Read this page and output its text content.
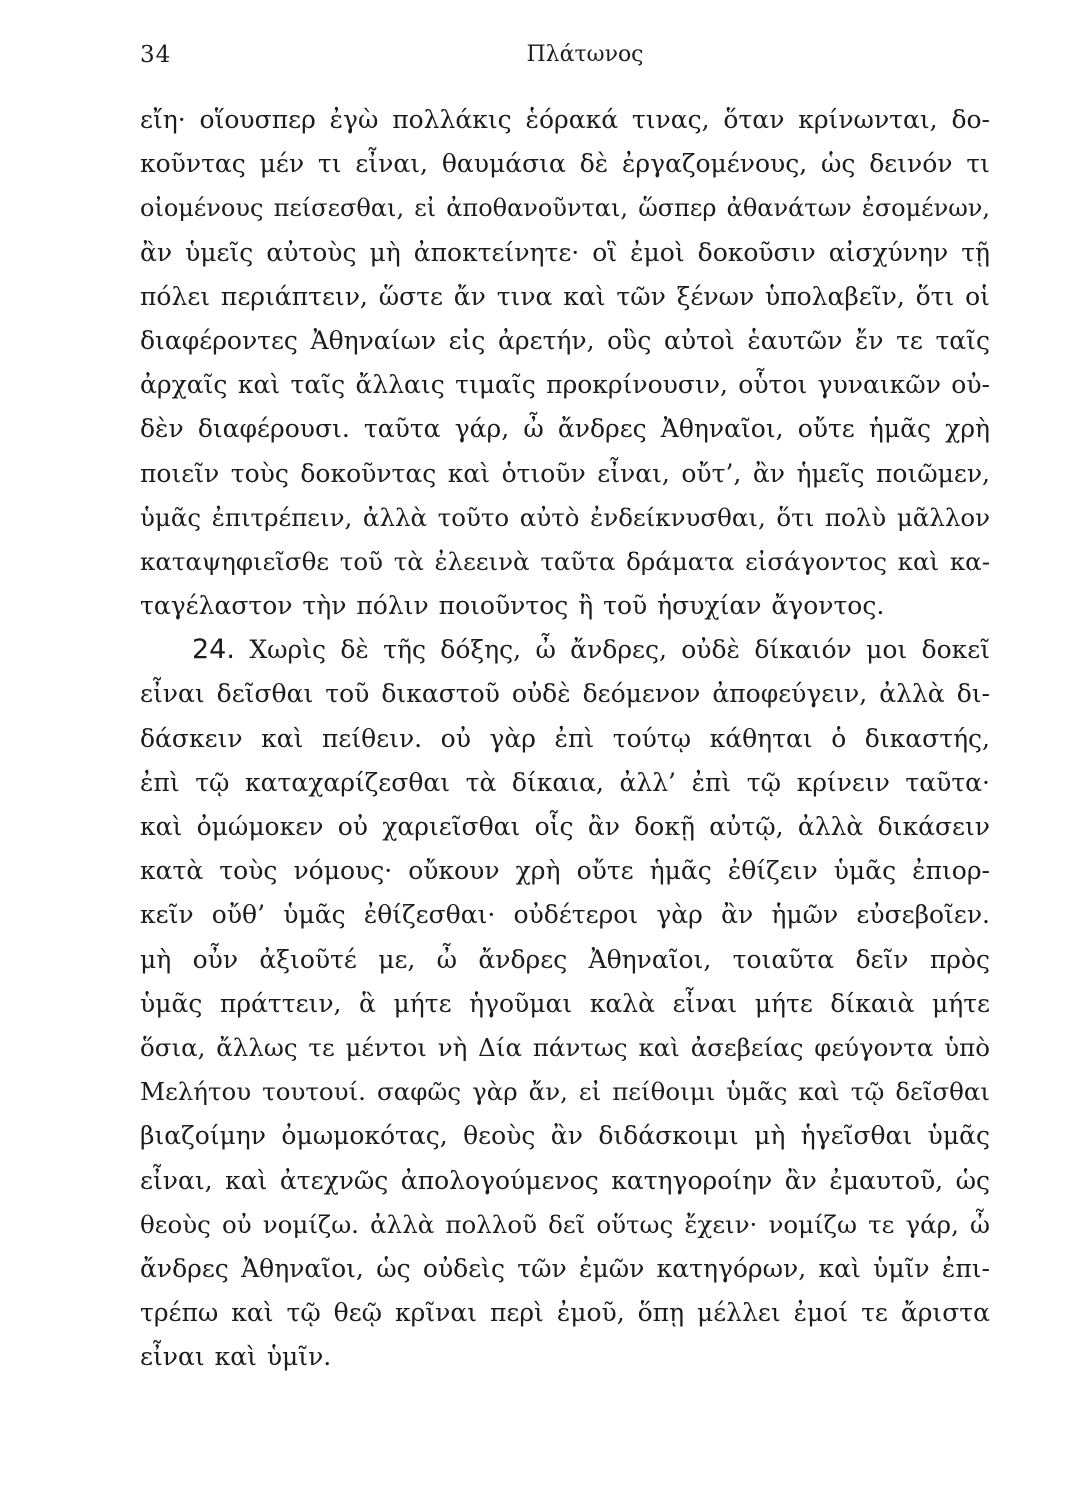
34	Πλάτωνος
εἴη· οἵουσπερ ἐγὼ πολλάκις ἑόρακά τινας, ὅταν κρίνωνται, δο-
κοῦντας μέν τι εἶναι, θαυμάσια δὲ ἐργαζομένους, ὡς δεινόν τι
οἰομένους πείσεσθαι, εἰ ἀποθανοῦνται, ὥσπερ ἀθανάτων ἐσομένων,
ἂν ὑμεῖς αὐτοὺς μὴ ἀποκτείνητε· οἳ ἐμοὶ δοκοῦσιν αἰσχύνην τῇ
πόλει περιάπτειν, ὥστε ἄν τινα καὶ τῶν ξένων ὑπολαβεῖν, ὅτι οἱ
διαφέροντες Ἀθηναίων εἰς ἀρετήν, οὓς αὐτοὶ ἑαυτῶν ἔν τε ταῖς
ἀρχαῖς καὶ ταῖς ἄλλαις τιμαῖς προκρίνουσιν, οὗτοι γυναικῶν οὐ-
δὲν διαφέρουσι. ταῦτα γάρ, ὦ ἄνδρες Ἀθηναῖοι, οὔτε ἡμᾶς χρὴ
ποιεῖν τοὺς δοκοῦντας καὶ ὁτιοῦν εἶναι, οὔτ’, ἂν ἡμεῖς ποιῶμεν,
ὑμᾶς ἐπιτρέπειν, ἀλλὰ τοῦτο αὐτὸ ἐνδείκνυσθαι, ὅτι πολὺ μᾶλλον
καταψηφιεῖσθε τοῦ τὰ ἐλεεινὰ ταῦτα δράματα εἰσάγοντος καὶ κα-
ταγέλαστον τὴν πόλιν ποιοῦντος ἢ τοῦ ἡσυχίαν ἄγοντος.
24. Χωρὶς δὲ τῆς δόξης, ὦ ἄνδρες, οὐδὲ δίκαιόν μοι δοκεῖ
εἶναι δεῖσθαι τοῦ δικαστοῦ οὐδὲ δεόμενον ἀποφεύγειν, ἀλλὰ δι-
δάσκειν καὶ πείθειν. οὐ γὰρ ἐπὶ τούτῳ κάθηται ὁ δικαστής,
ἐπὶ τῷ καταχαρίζεσθαι τὰ δίκαια, ἀλλ’ ἐπὶ τῷ κρίνειν ταῦτα·
καὶ ὀμώμοκεν οὐ χαριεῖσθαι οἷς ἂν δοκῇ αὐτῷ, ἀλλὰ δικάσειν
κατὰ τοὺς νόμους· οὔκουν χρὴ οὔτε ἡμᾶς ἐθίζειν ὑμᾶς ἐπιορ-
κεῖν οὔθ’ ὑμᾶς ἐθίζεσθαι· οὐδέτεροι γὰρ ἂν ἡμῶν εὐσεβοῖεν.
μὴ οὖν ἀξιοῦτέ με, ὦ ἄνδρες Ἀθηναῖοι, τοιαῦτα δεῖν πρὸς
ὑμᾶς πράττειν, ἃ μήτε ἡγοῦμαι καλὰ εἶναι μήτε δίκαιὰ μήτε
ὅσια, ἄλλως τε μέντοι νὴ Δία πάντως καὶ ἀσεβείας φεύγοντα ὑπὸ
Μελήτου τουτουί. σαφῶς γὰρ ἄν, εἰ πείθοιμι ὑμᾶς καὶ τῷ δεῖσθαι
βιαζοίμην ὀμωμοκότας, θεοὺς ἂν διδάσκοιμι μὴ ἡγεῖσθαι ὑμᾶς
εἶναι, καὶ ἀτεχνῶς ἀπολογούμενος κατηγοροίην ἂν ἐμαυτοῦ, ὡς
θεοὺς οὐ νομίζω. ἀλλὰ πολλοῦ δεῖ οὕτως ἔχειν· νομίζω τε γάρ, ὦ
ἄνδρες Ἀθηναῖοι, ὡς οὐδεὶς τῶν ἐμῶν κατηγόρων, καὶ ὑμῖν ἐπι-
τρέπω καὶ τῷ θεῷ κρῖναι περὶ ἐμοῦ, ὅπῃ μέλλει ἐμοί τε ἄριστα
εἶναι καὶ ὑμῖν.
